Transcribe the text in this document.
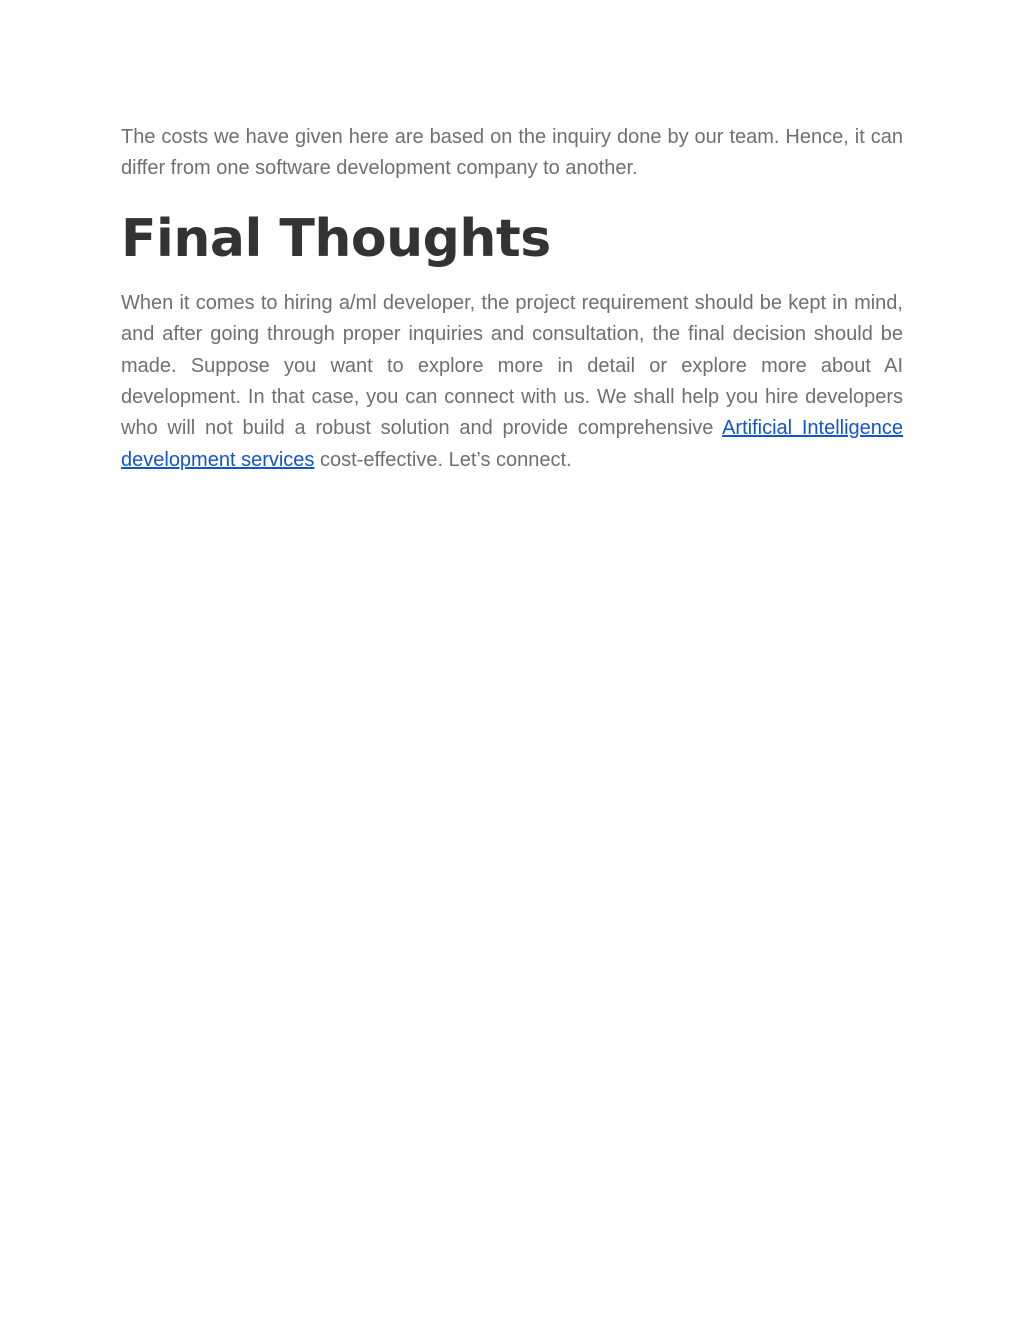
The costs we have given here are based on the inquiry done by our team. Hence, it can differ from one software development company to another.

Final Thoughts

When it comes to hiring a/ml developer, the project requirement should be kept in mind, and after going through proper inquiries and consultation, the final decision should be made. Suppose you want to explore more in detail or explore more about AI development. In that case, you can connect with us. We shall help you hire developers who will not build a robust solution and provide comprehensive Artificial Intelligence development services cost-effective. Let’s connect.
